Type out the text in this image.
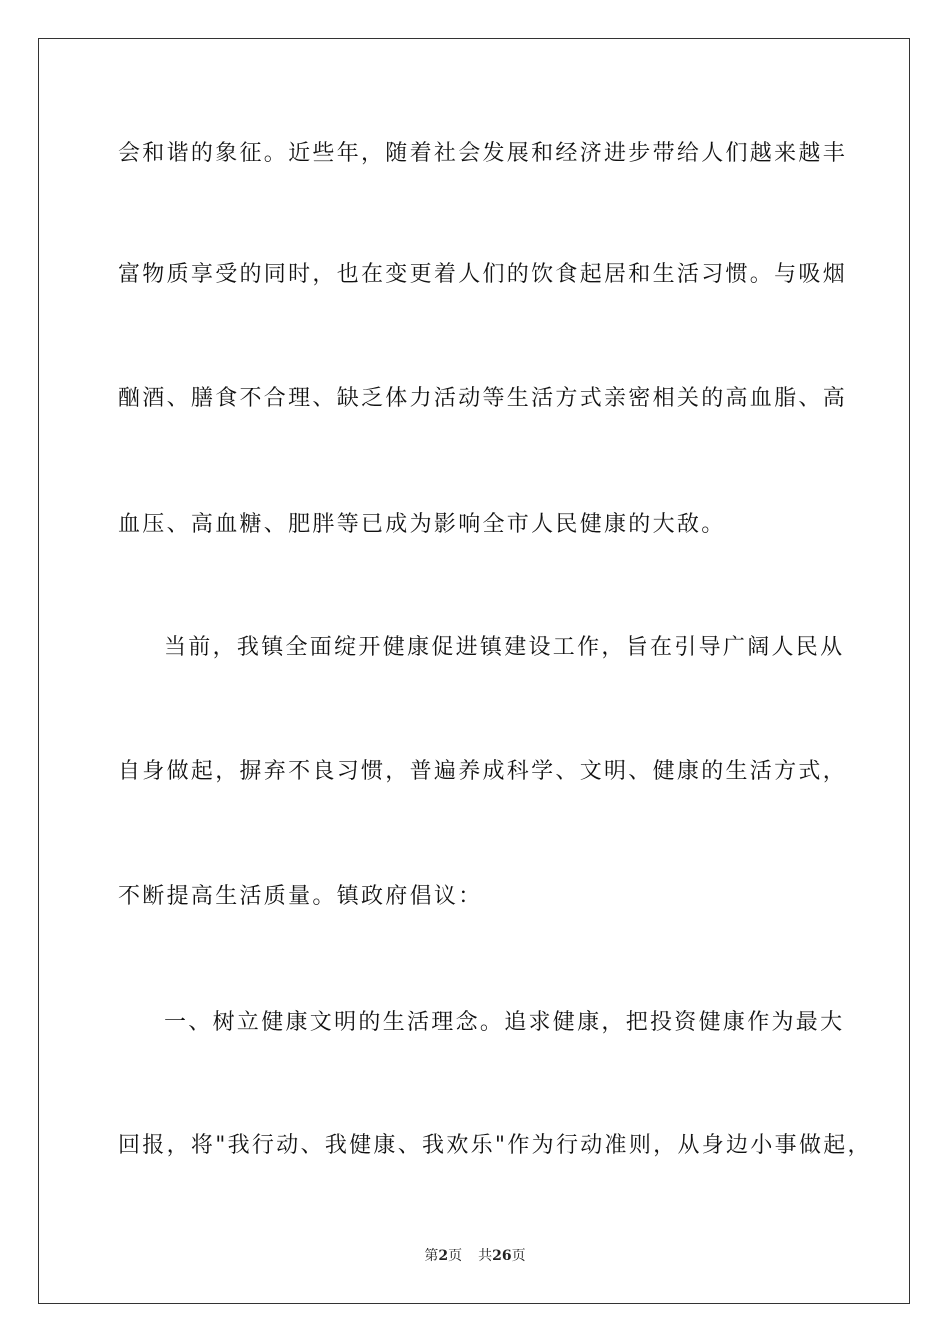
会和谐的象征。近些年，随着社会发展和经济进步带给人们越来越丰
富物质享受的同时，也在变更着人们的饮食起居和生活习惯。与吸烟
酗酒、膳食不合理、缺乏体力活动等生活方式亲密相关的高血脂、高
血压、高血糖、肥胖等已成为影响全市人民健康的大敌。
当前，我镇全面绽开健康促进镇建设工作，旨在引导广阔人民从
自身做起，摒弃不良习惯，普遍养成科学、文明、健康的生活方式，
不断提高生活质量。镇政府倡议：
一、树立健康文明的生活理念。追求健康，把投资健康作为最大
回报，将"我行动、我健康、我欢乐"作为行动准则，从身边小事做起，
第2页 共26页
